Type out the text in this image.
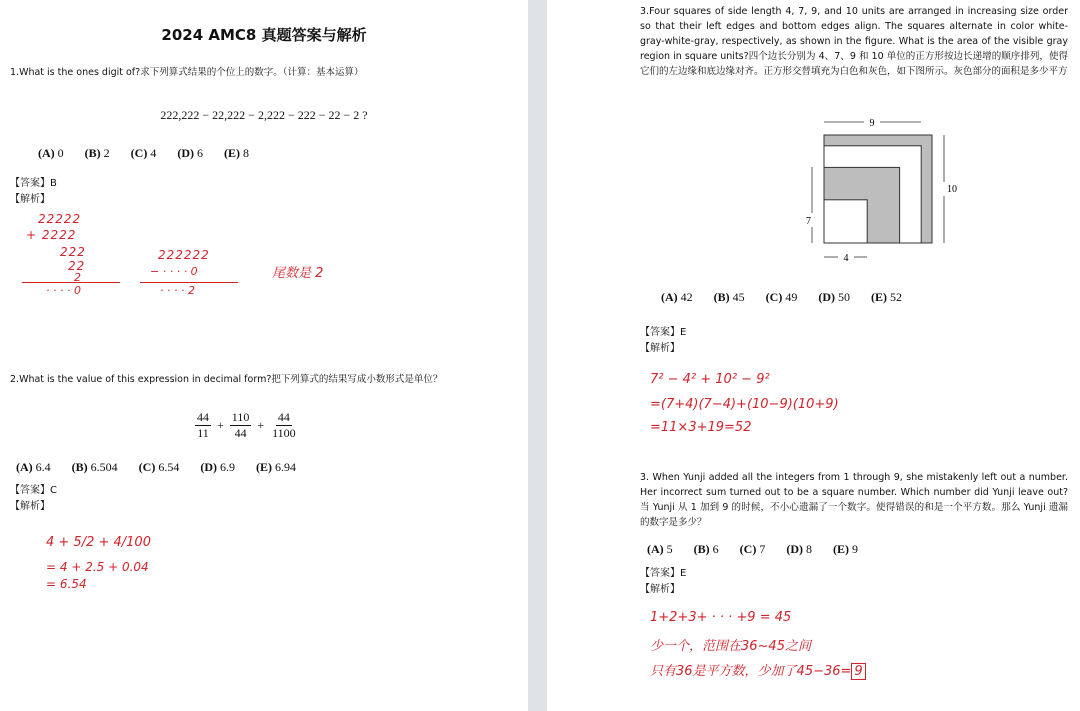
2024 AMC8 真题答案与解析
1.What is the ones digit of?求下列算式结果的个位上的数字。（计算：基本运算）
222,222 − 22,222 − 2,222 − 222 − 22 − 2 ?
(A) 0 (B) 2 (C) 4 (D) 6 (E) 8
【答案】B
【解析】
22222
+ 2222
222
22
2
· · · · 0
222222
− · · · · 0
· · · · 2
尾数是 2
2.What is the value of this expression in decimal form?把下列算式的结果写成小数形式是单位？
$\frac{44}{11} + \frac{110}{44} + \frac{44}{1100}$
(A) 6.4 (B) 6.504 (C) 6.54 (D) 6.9 (E) 6.94
【答案】C
【解析】
4 + 5/2 + 4/100
= 4 + 2.5 + 0.04
= 6.54
3.Four squares of side length 4, 7, 9, and 10 units are arranged in increasing size order so that their left edges and bottom edges align. The squares alternate in color white-gray-white-gray, respectively, as shown in the figure. What is the area of the visible gray region in square units?四个边长分别为 4、7、9 和 10 单位的正方形按边长递增的顺序排列，使得它们的左边缘和底边缘对齐。正方形交替填充为白色和灰色，如下图所示。灰色部分的面积是多少平方
9
10
7
4
(A) 42 (B) 45 (C) 49 (D) 50 (E) 52
【答案】E
【解析】
7² − 4² + 10² − 9²
=(7+4)(7−4)+(10−9)(10+9)
=11×3+19=52
3. When Yunji added all the integers from 1 through 9, she mistakenly left out a number. Her incorrect sum turned out to be a square number. Which number did Yunji leave out?当 Yunji 从 1 加到 9 的时候，不小心遗漏了一个数字。使得错误的和是一个平方数。那么 Yunji 遗漏的数字是多少？
(A) 5 (B) 6 (C) 7 (D) 8 (E) 9
【答案】E
【解析】
1+2+3+ · · · +9 = 45
少一个，范围在36~45之间
只有36是平方数，少加了45−36= 9
